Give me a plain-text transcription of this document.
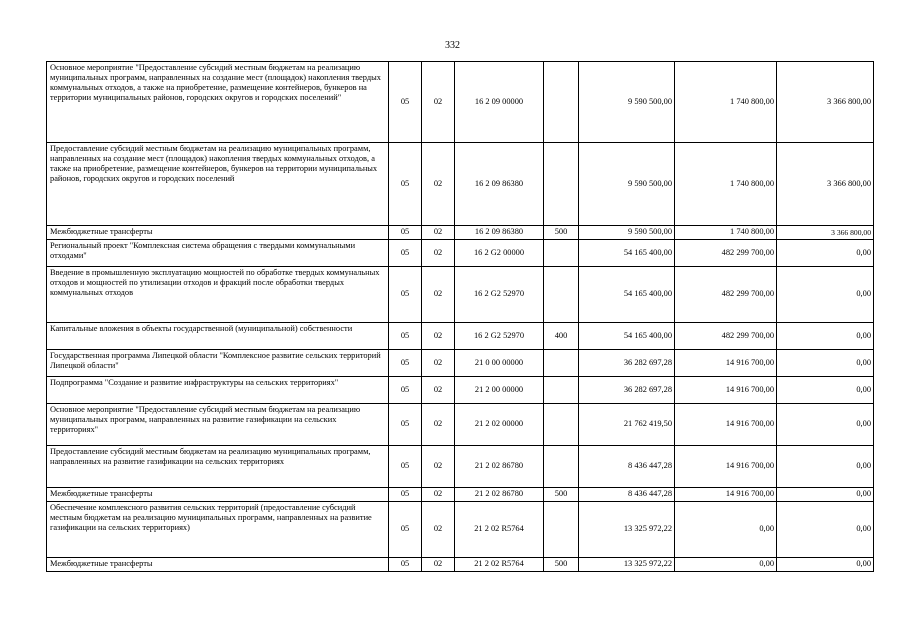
332
Основное мероприятие "Предоставление субсидий местным бюджетам на реализацию муниципальных программ, направленных на создание мест (площадок) накопления твердых коммунальных отходов, а также на приобретение, размещение контейнеров, бункеров на территории муниципальных районов, городских округов и городских поселений"	05	02	16 2 09 00000		9 590 500,00	1 740 800,00	3 366 800,00
Предоставление субсидий местным бюджетам на реализацию муниципальных программ, направленных на создание мест (площадок) накопления твердых коммунальных отходов, а также на приобретение, размещение контейнеров, бункеров на территории муниципальных районов, городских округов и городских поселений	05	02	16 2 09 86380		9 590 500,00	1 740 800,00	3 366 800,00
Межбюджетные трансферты	05	02	16 2 09 86380	500	9 590 500,00	1 740 800,00	3 366 800,00
Региональный проект "Комплексная система обращения с твердыми коммунальными отходами"	05	02	16 2 G2 00000		54 165 400,00	482 299 700,00	0,00
Введение в промышленную эксплуатацию мощностей по обработке твердых коммунальных отходов и мощностей по утилизации отходов и фракций после обработки твердых коммунальных отходов	05	02	16 2 G2 52970		54 165 400,00	482 299 700,00	0,00
Капитальные вложения в объекты государственной (муниципальной) собственности	05	02	16 2 G2 52970	400	54 165 400,00	482 299 700,00	0,00
Государственная программа Липецкой области "Комплексное развитие сельских территорий Липецкой области"	05	02	21 0 00 00000		36 282 697,28	14 916 700,00	0,00
Подпрограмма "Создание и развитие инфраструктуры на сельских территориях"	05	02	21 2 00 00000		36 282 697,28	14 916 700,00	0,00
Основное мероприятие "Предоставление субсидий местным бюджетам на реализацию муниципальных программ, направленных на развитие газификации на сельских территориях"	05	02	21 2 02 00000		21 762 419,50	14 916 700,00	0,00
Предоставление субсидий местным бюджетам на реализацию муниципальных программ, направленных на развитие газификации на сельских территориях	05	02	21 2 02 86780		8 436 447,28	14 916 700,00	0,00
Межбюджетные трансферты	05	02	21 2 02 86780	500	8 436 447,28	14 916 700,00	0,00
Обеспечение комплексного развития сельских территорий (предоставление субсидий местным бюджетам на реализацию муниципальных программ, направленных на развитие газификации на сельских территориях)	05	02	21 2 02 R5764		13 325 972,22	0,00	0,00
Межбюджетные трансферты	05	02	21 2 02 R5764	500	13 325 972,22	0,00	0,00
